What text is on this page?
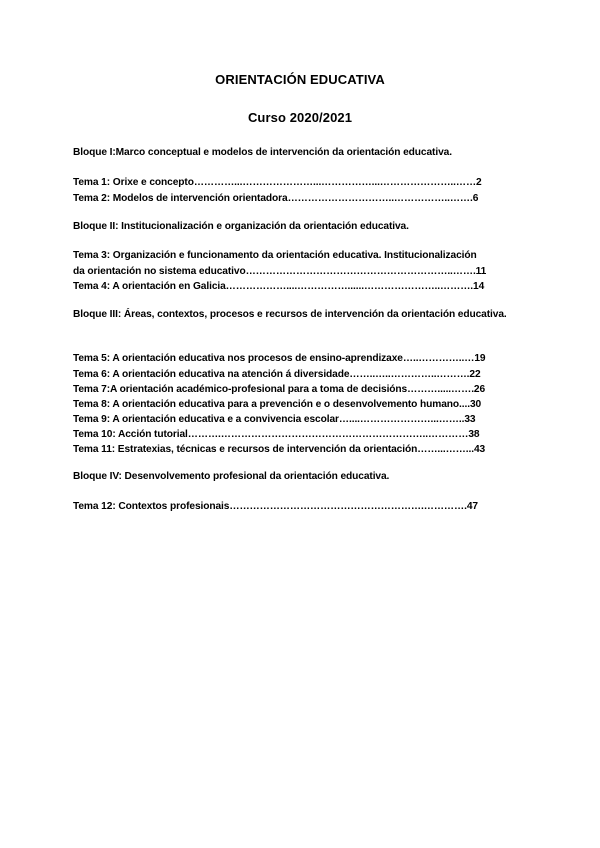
ORIENTACIÓN EDUCATIVA
Curso 2020/2021
Bloque I:Marco conceptual e modelos de intervención da orientación educativa.
Tema 1: Orixe e concepto…………...…………………...……………...…………………..……2
Tema 2: Modelos de intervención orientadora…………………………..……………..…….6
Bloque II: Institucionalización e organización da orientación educativa.
Tema 3: Organización e funcionamento da orientación educativa. Institucionalización
da orientación no sistema educativo……………………………………………………..…….11
Tema 4: A orientación en Galicia………………....……………......…………………..……….14
Bloque III: Áreas, contextos, procesos e recursos de intervención da orientación educativa.
Tema 5: A orientación educativa nos procesos de ensino-aprendizaxe…..…………..…19
Tema 6: A orientación educativa na atención á diversidade……..…..…………..……….22
Tema 7:A orientación académico-profesional para a toma de decisións……….....…….26
Tema 8: A orientación educativa para a prevención e o desenvolvemento humano....30
Tema 9: A orientación educativa e a convivencia escolar…....…………………...……..33
Tema 10: Acción tutorial……….……………………………………………………..…………38
Tema 11: Estratexias, técnicas e recursos de intervención da orientación……...……...43
Bloque IV: Desenvolvemento profesional da orientación educativa.
Tema 12: Contextos profesionais………………………………………………….………….47
